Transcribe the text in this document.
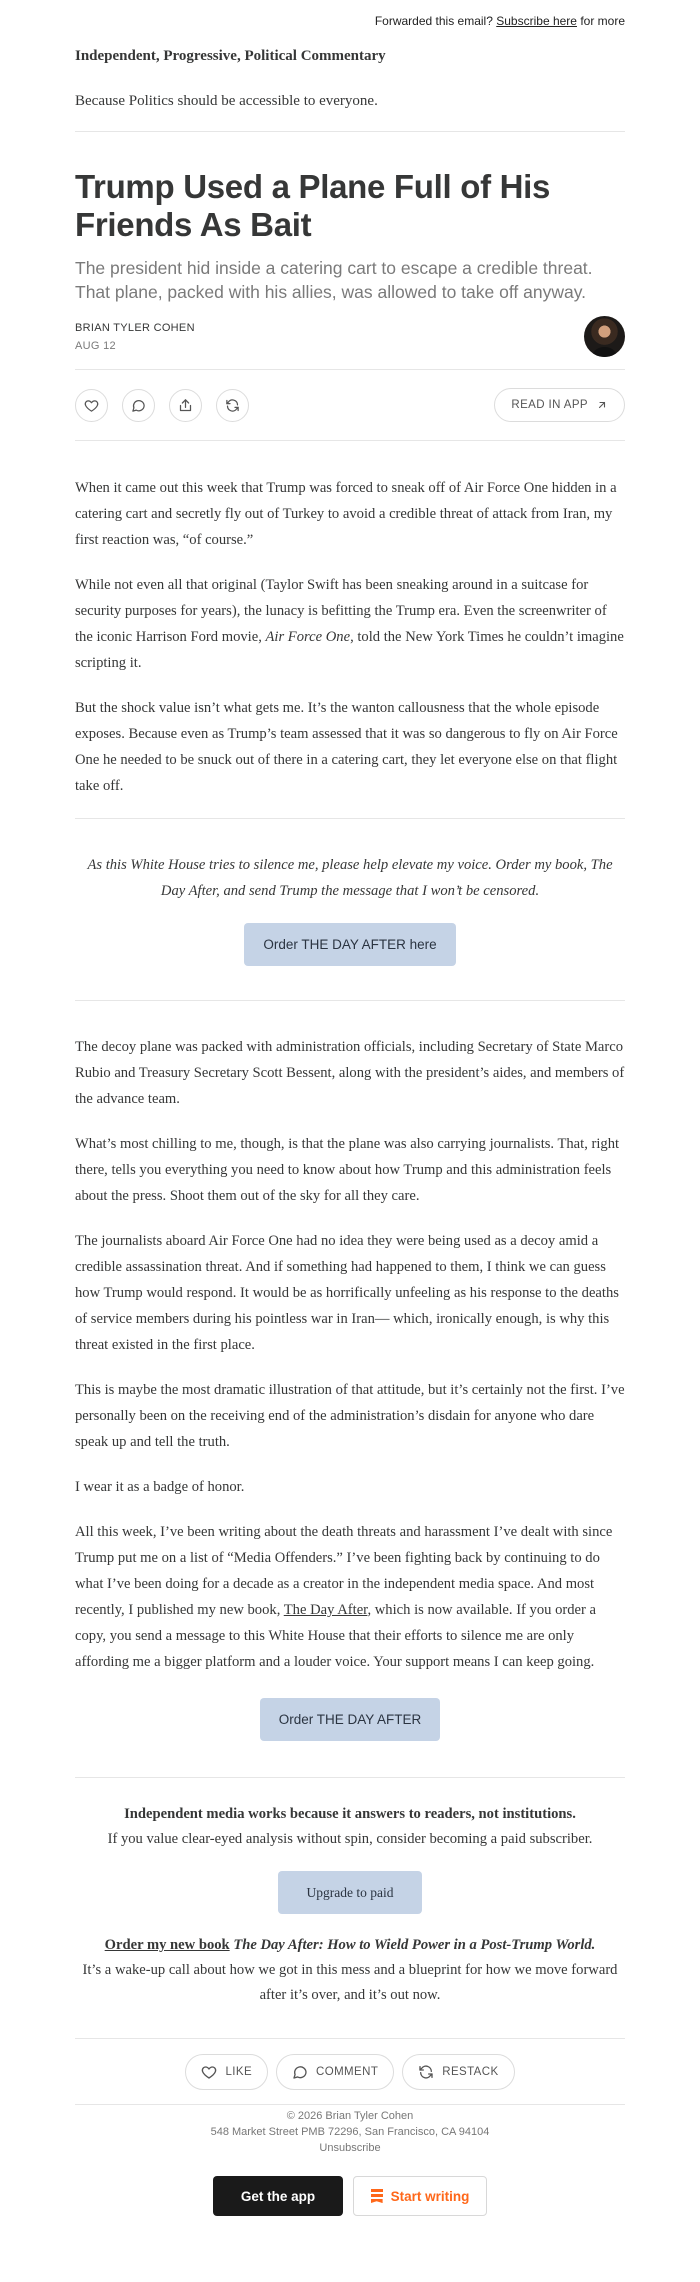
Forwarded this email? Subscribe here for more
Independent, Progressive, Political Commentary
Because Politics should be accessible to everyone.
Trump Used a Plane Full of His Friends As Bait
The president hid inside a catering cart to escape a credible threat. That plane, packed with his allies, was allowed to take off anyway.
BRIAN TYLER COHEN
AUG 12
READ IN APP

When it came out this week that Trump was forced to sneak off of Air Force One hidden in a catering cart and secretly fly out of Turkey to avoid a credible threat of attack from Iran, my first reaction was, “of course.”

While not even all that original (Taylor Swift has been sneaking around in a suitcase for security purposes for years), the lunacy is befitting the Trump era. Even the screenwriter of the iconic Harrison Ford movie, Air Force One, told the New York Times he couldn’t imagine scripting it.

But the shock value isn’t what gets me. It’s the wanton callousness that the whole episode exposes. Because even as Trump’s team assessed that it was so dangerous to fly on Air Force One he needed to be snuck out of there in a catering cart, they let everyone else on that flight take off.

As this White House tries to silence me, please help elevate my voice. Order my book, The Day After, and send Trump the message that I won’t be censored.
Order THE DAY AFTER here

The decoy plane was packed with administration officials, including Secretary of State Marco Rubio and Treasury Secretary Scott Bessent, along with the president’s aides, and members of the advance team.

What’s most chilling to me, though, is that the plane was also carrying journalists. That, right there, tells you everything you need to know about how Trump and this administration feels about the press. Shoot them out of the sky for all they care.

The journalists aboard Air Force One had no idea they were being used as a decoy amid a credible assassination threat. And if something had happened to them, I think we can guess how Trump would respond. It would be as horrifically unfeeling as his response to the deaths of service members during his pointless war in Iran— which, ironically enough, is why this threat existed in the first place.

This is maybe the most dramatic illustration of that attitude, but it’s certainly not the first. I’ve personally been on the receiving end of the administration’s disdain for anyone who dare speak up and tell the truth.

I wear it as a badge of honor.

All this week, I’ve been writing about the death threats and harassment I’ve dealt with since Trump put me on a list of “Media Offenders.” I’ve been fighting back by continuing to do what I’ve been doing for a decade as a creator in the independent media space. And most recently, I published my new book, The Day After, which is now available. If you order a copy, you send a message to this White House that their efforts to silence me are only affording me a bigger platform and a louder voice. Your support means I can keep going.

Order THE DAY AFTER
Independent media works because it answers to readers, not institutions.
If you value clear-eyed analysis without spin, consider becoming a paid subscriber.
Upgrade to paid
Order my new book The Day After: How to Wield Power in a Post-Trump World.
It’s a wake-up call about how we got in this mess and a blueprint for how we move forward after it’s over, and it’s out now.
LIKE	COMMENT	RESTACK
© 2026 Brian Tyler Cohen
548 Market Street PMB 72296, San Francisco, CA 94104
Unsubscribe
Get the app	Start writing
